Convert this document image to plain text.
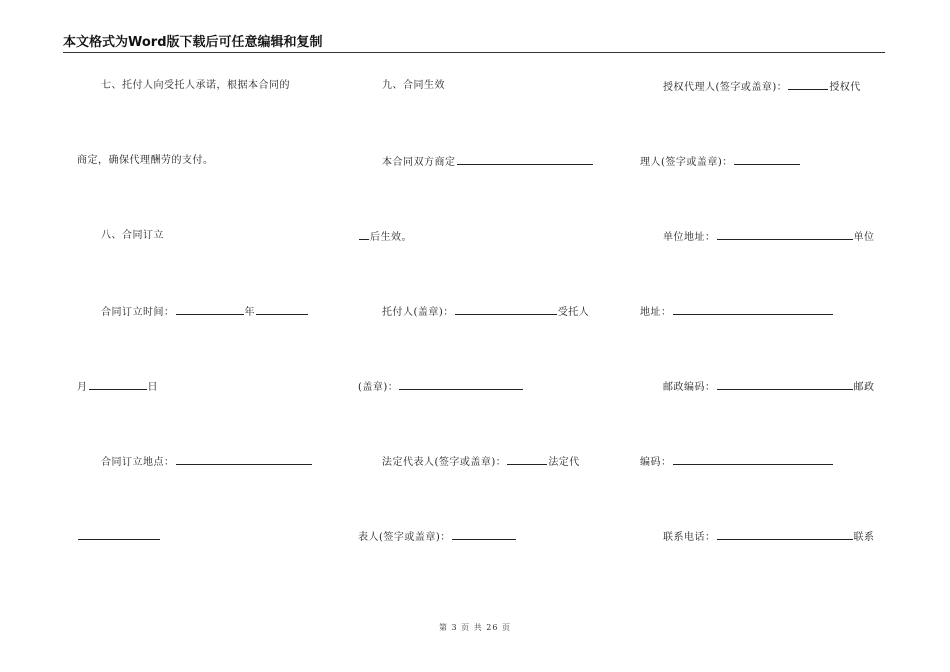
本文格式为Word版下载后可任意编辑和复制
七、托付人向受托人承诺，根据本合同的
商定，确保代理酬劳的支付。
八、合同订立
合同订立时间：	年
月	日
合同订立地点：
九、合同生效
本合同双方商定
后生效。
托付人(盖章)：	受托人
(盖章)：
法定代表人(签字或盖章)：	法定代
表人(签字或盖章)：
授权代理人(签字或盖章)：	授权代
理人(签字或盖章)：
单位地址：	单位
地址：
邮政编码：	邮政
编码：
联系电话：	联系
第 3 页 共 26 页
